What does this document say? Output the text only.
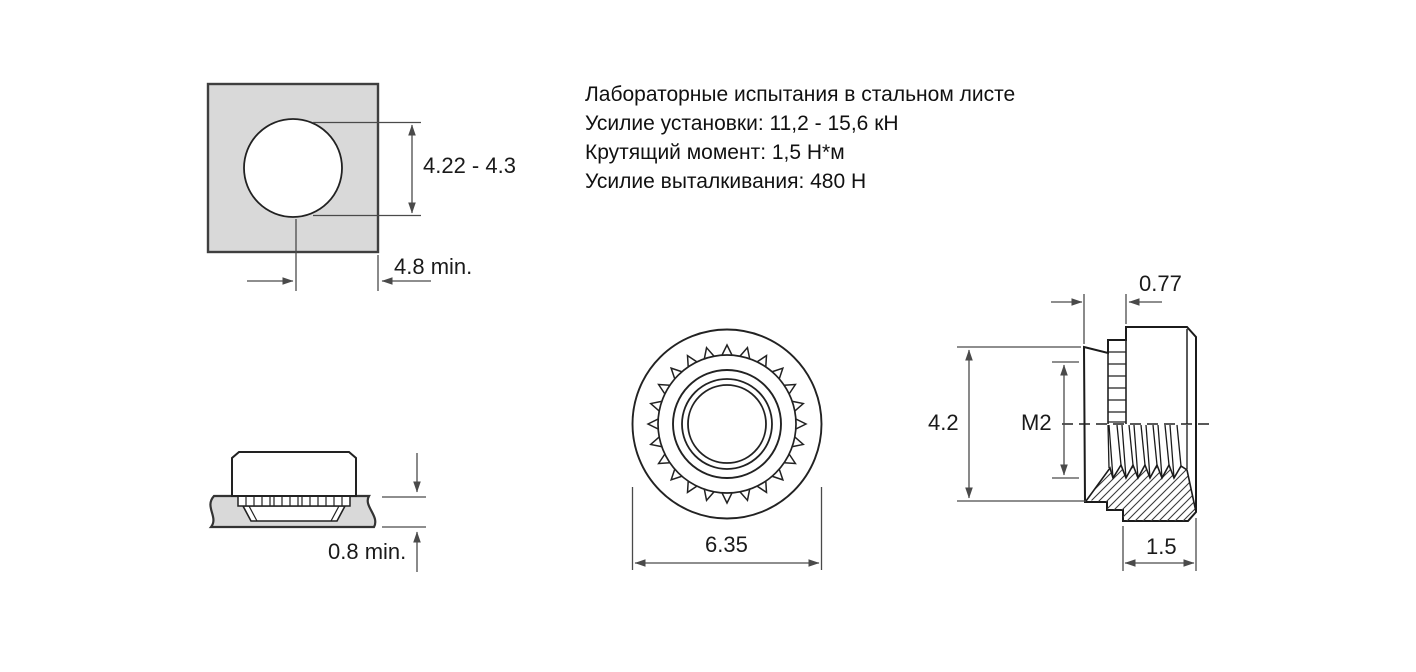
Лабораторные испытания в стальном листе
Усилие установки: 11,2 - 15,6 кН
Крутящий момент: 1,5 Н*м
Усилие выталкивания: 480 Н
4.22 - 4.3
4.8 min.
0.8 min.	6.35
0.77
4.2	M2
1.5
